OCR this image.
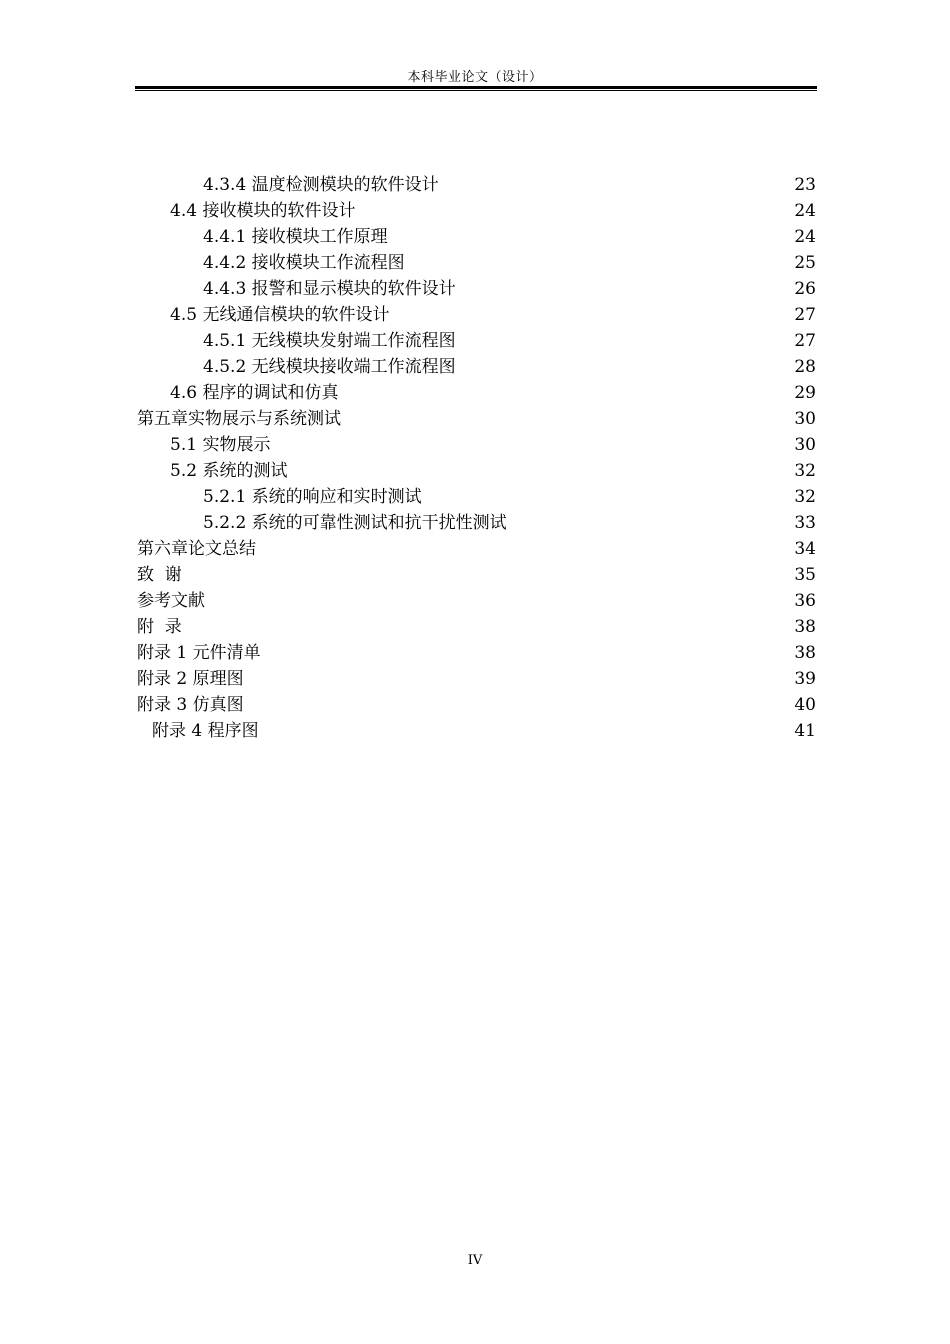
本科毕业论文（设计）
4.3.4 温度检测模块的软件设计	23
4.4 接收模块的软件设计	24
4.4.1 接收模块工作原理	24
4.4.2 接收模块工作流程图	25
4.4.3 报警和显示模块的软件设计	26
4.5 无线通信模块的软件设计	27
4.5.1 无线模块发射端工作流程图	27
4.5.2 无线模块接收端工作流程图	28
4.6 程序的调试和仿真	29
第五章实物展示与系统测试	30
5.1 实物展示	30
5.2 系统的测试	32
5.2.1 系统的响应和实时测试	32
5.2.2 系统的可靠性测试和抗干扰性测试	33
第六章论文总结	34
致  谢	35
参考文献	36
附  录	38
附录 1 元件清单	38
附录 2 原理图	39
附录 3 仿真图	40
附录 4 程序图	41
IV
